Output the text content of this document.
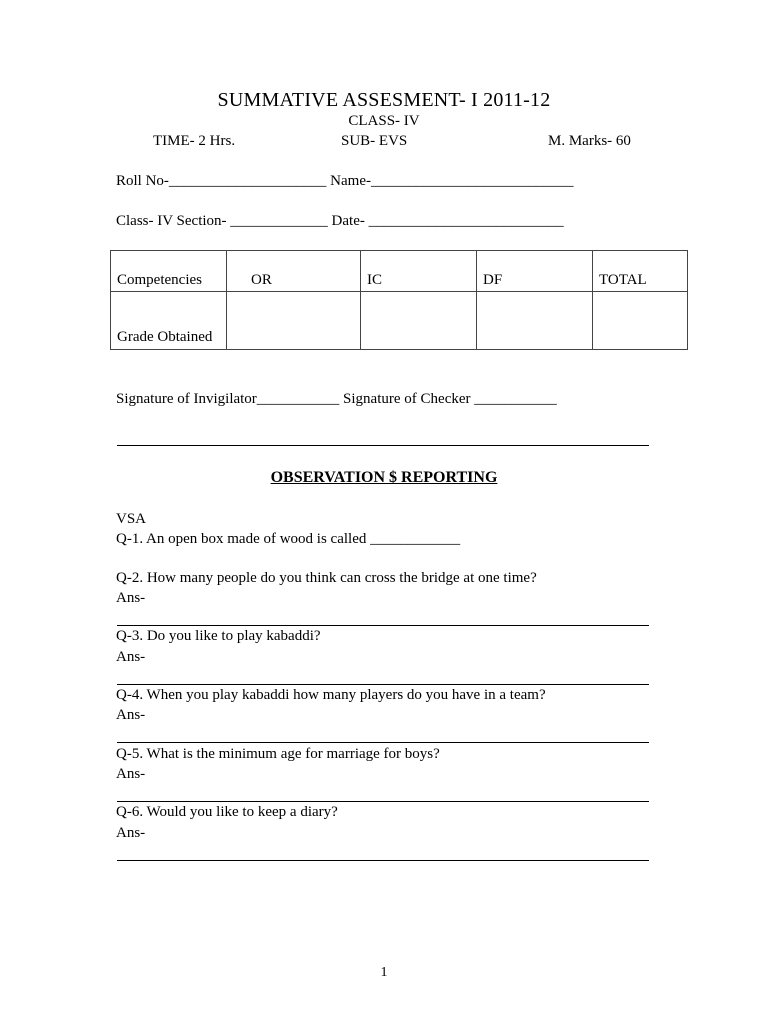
SUMMATIVE ASSESMENT- I 2011-12
CLASS- IV
TIME- 2 Hrs.	SUB- EVS	M. Marks- 60
Roll No-_____________________ Name-___________________________
Class- IV Section- _____________ Date- __________________________
Competencies	OR	IC	DF	TOTAL
Grade Obtained				
Signature of Invigilator___________ Signature of Checker ___________
OBSERVATION $ REPORTING
VSA
Q-1. An open box made of wood is called ____________
Q-2. How many people do you think can cross the bridge at one time?
Ans-
Q-3. Do you like to play kabaddi?
Ans-
Q-4. When you play kabaddi how many players do you have in a team?
Ans-
Q-5. What is the minimum age for marriage for boys?
Ans-
Q-6. Would you like to keep a diary?
Ans-
1
